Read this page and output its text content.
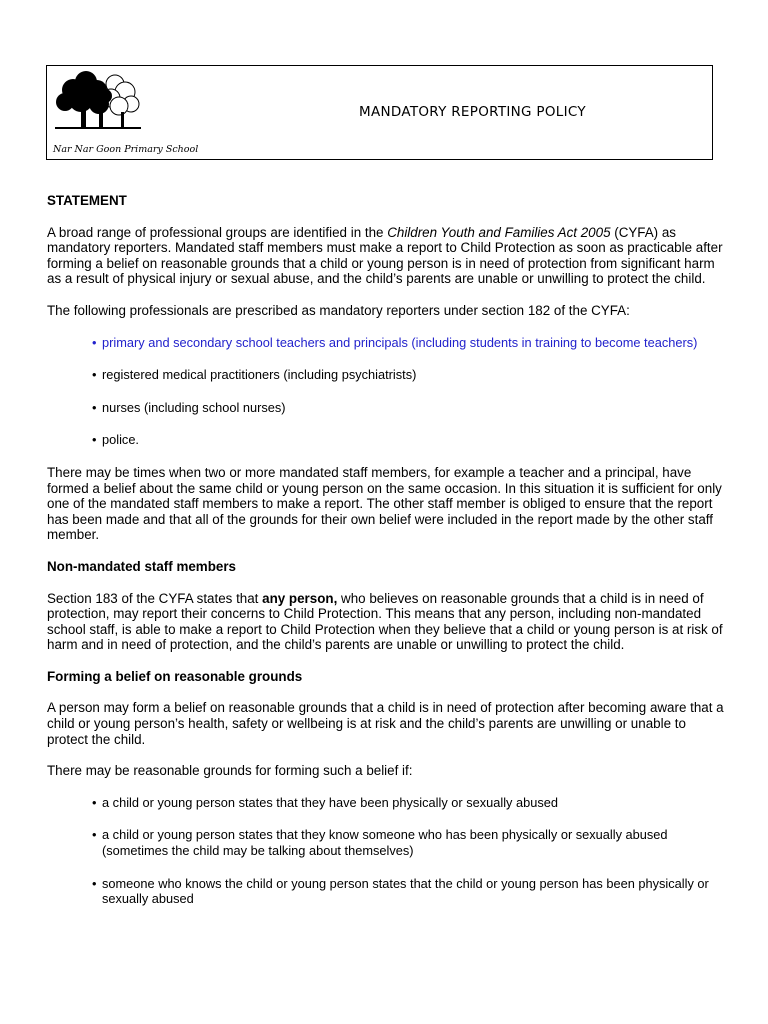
Nar Nar Goon Primary School
MANDATORY REPORTING POLICY
STATEMENT

A broad range of professional groups are identified in the Children Youth and Families Act 2005 (CYFA) as mandatory reporters. Mandated staff members must make a report to Child Protection as soon as practicable after forming a belief on reasonable grounds that a child or young person is in need of protection from significant harm as a result of physical injury or sexual abuse, and the child’s parents are unable or unwilling to protect the child.

The following professionals are prescribed as mandatory reporters under section 182 of the CYFA:

• primary and secondary school teachers and principals (including students in training to become teachers)
• registered medical practitioners (including psychiatrists)
• nurses (including school nurses)
• police.

There may be times when two or more mandated staff members, for example a teacher and a principal, have formed a belief about the same child or young person on the same occasion. In this situation it is sufficient for only one of the mandated staff members to make a report. The other staff member is obliged to ensure that the report has been made and that all of the grounds for their own belief were included in the report made by the other staff member.

Non-mandated staff members

Section 183 of the CYFA states that any person, who believes on reasonable grounds that a child is in need of protection, may report their concerns to Child Protection. This means that any person, including non-mandated school staff, is able to make a report to Child Protection when they believe that a child or young person is at risk of harm and in need of protection, and the child’s parents are unable or unwilling to protect the child.

Forming a belief on reasonable grounds

A person may form a belief on reasonable grounds that a child is in need of protection after becoming aware that a child or young person’s health, safety or wellbeing is at risk and the child’s parents are unwilling or unable to protect the child.

There may be reasonable grounds for forming such a belief if:

• a child or young person states that they have been physically or sexually abused
• a child or young person states that they know someone who has been physically or sexually abused (sometimes the child may be talking about themselves)
• someone who knows the child or young person states that the child or young person has been physically or sexually abused
